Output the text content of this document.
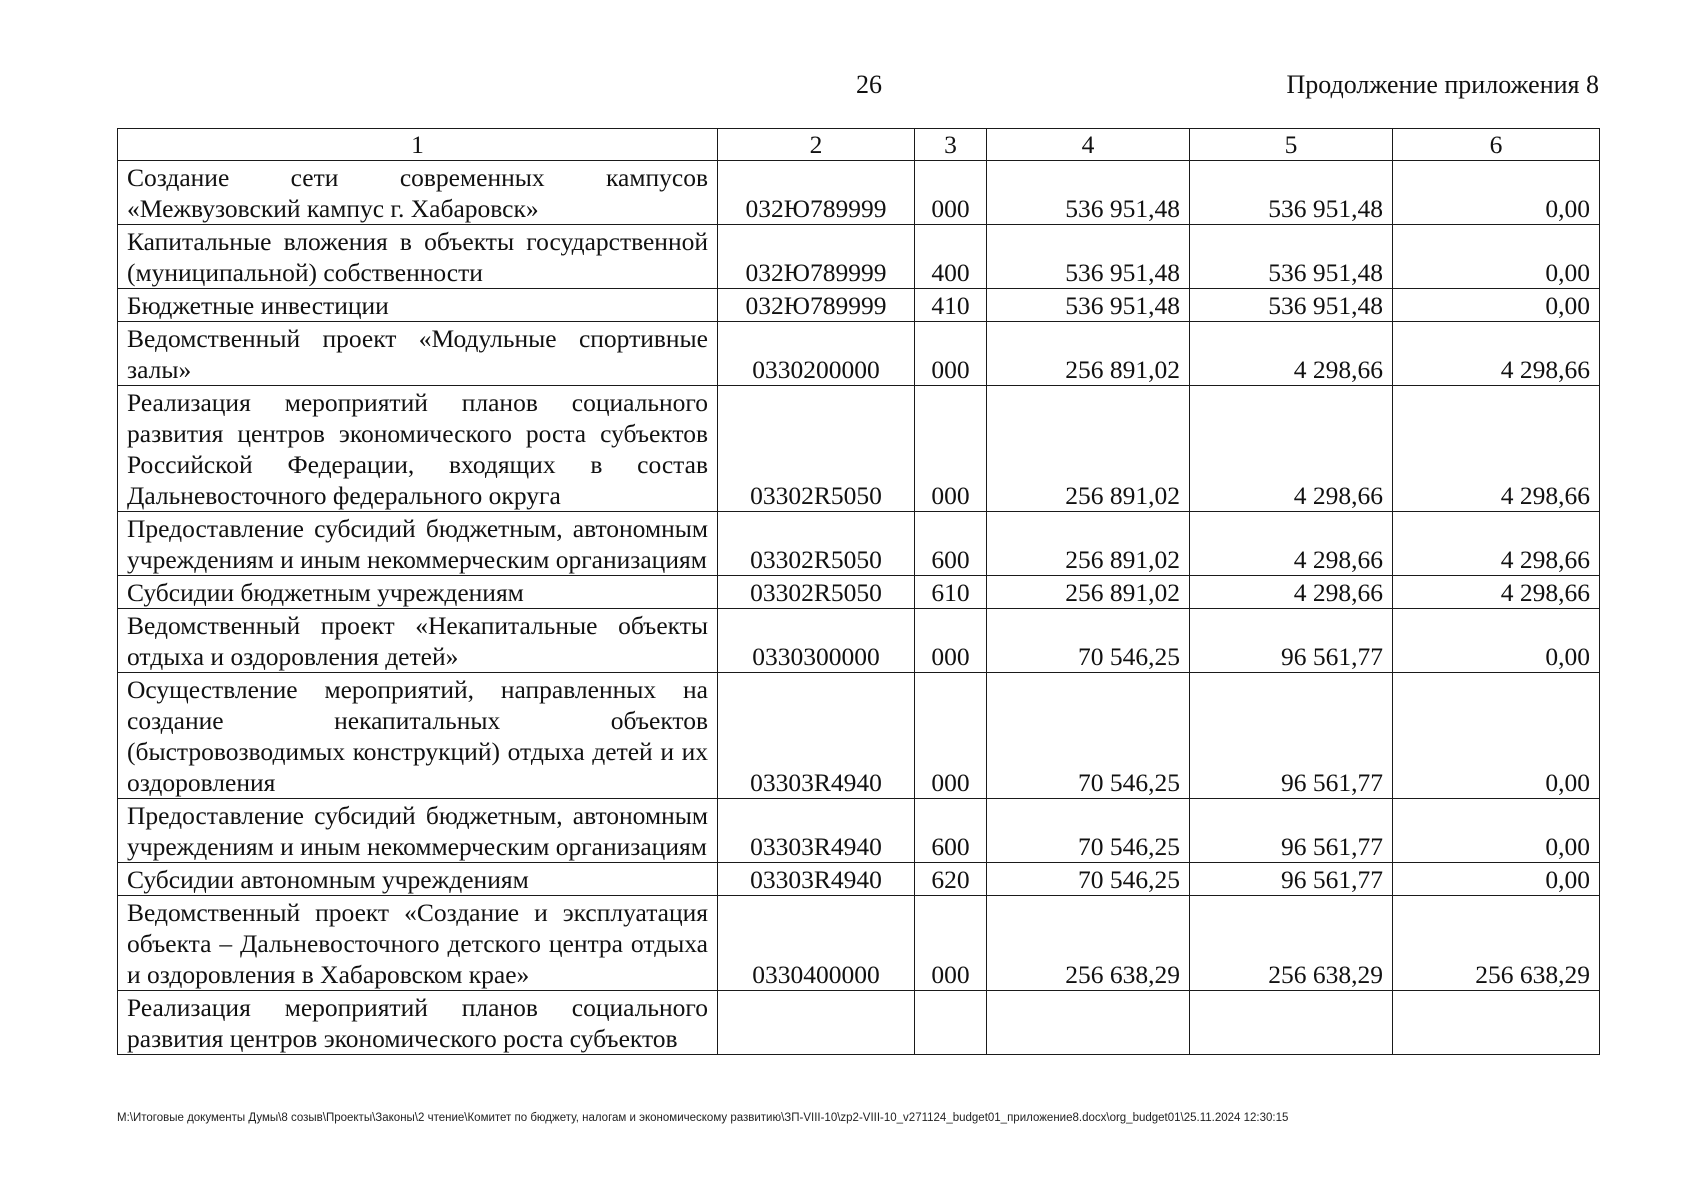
26	Продолжение приложения 8
1	2	3	4	5	6
Создание сети современных кампусов «Межвузовский кампус г. Хабаровск»	032Ю789999	000	536 951,48	536 951,48	0,00
Капитальные вложения в объекты государственной (муниципальной) собственности	032Ю789999	400	536 951,48	536 951,48	0,00
Бюджетные инвестиции	032Ю789999	410	536 951,48	536 951,48	0,00
Ведомственный проект «Модульные спортивные залы»	0330200000	000	256 891,02	4 298,66	4 298,66
Реализация мероприятий планов социального развития центров экономического роста субъектов Российской Федерации, входящих в состав Дальневосточного федерального округа	03302R5050	000	256 891,02	4 298,66	4 298,66
Предоставление субсидий бюджетным, автономным учреждениям и иным некоммерческим организациям	03302R5050	600	256 891,02	4 298,66	4 298,66
Субсидии бюджетным учреждениям	03302R5050	610	256 891,02	4 298,66	4 298,66
Ведомственный проект «Некапитальные объекты отдыха и оздоровления детей»	0330300000	000	70 546,25	96 561,77	0,00
Осуществление мероприятий, направленных на создание некапитальных объектов (быстровозводимых конструкций) отдыха детей и их оздоровления	03303R4940	000	70 546,25	96 561,77	0,00
Предоставление субсидий бюджетным, автономным учреждениям и иным некоммерческим организациям	03303R4940	600	70 546,25	96 561,77	0,00
Субсидии автономным учреждениям	03303R4940	620	70 546,25	96 561,77	0,00
Ведомственный проект «Создание и эксплуатация объекта – Дальневосточного детского центра отдыха и оздоровления в Хабаровском крае»	0330400000	000	256 638,29	256 638,29	256 638,29
Реализация мероприятий планов социального развития центров экономического роста субъектов					
M:\Итоговые документы Думы\8 созыв\Проекты\Законы\2 чтение\Комитет по бюджету, налогам и экономическому развитию\ЗП-VIII-10\zp2-VIII-10_v271124_budget01_приложение8.docx\org_budget01\25.11.2024 12:30:15
